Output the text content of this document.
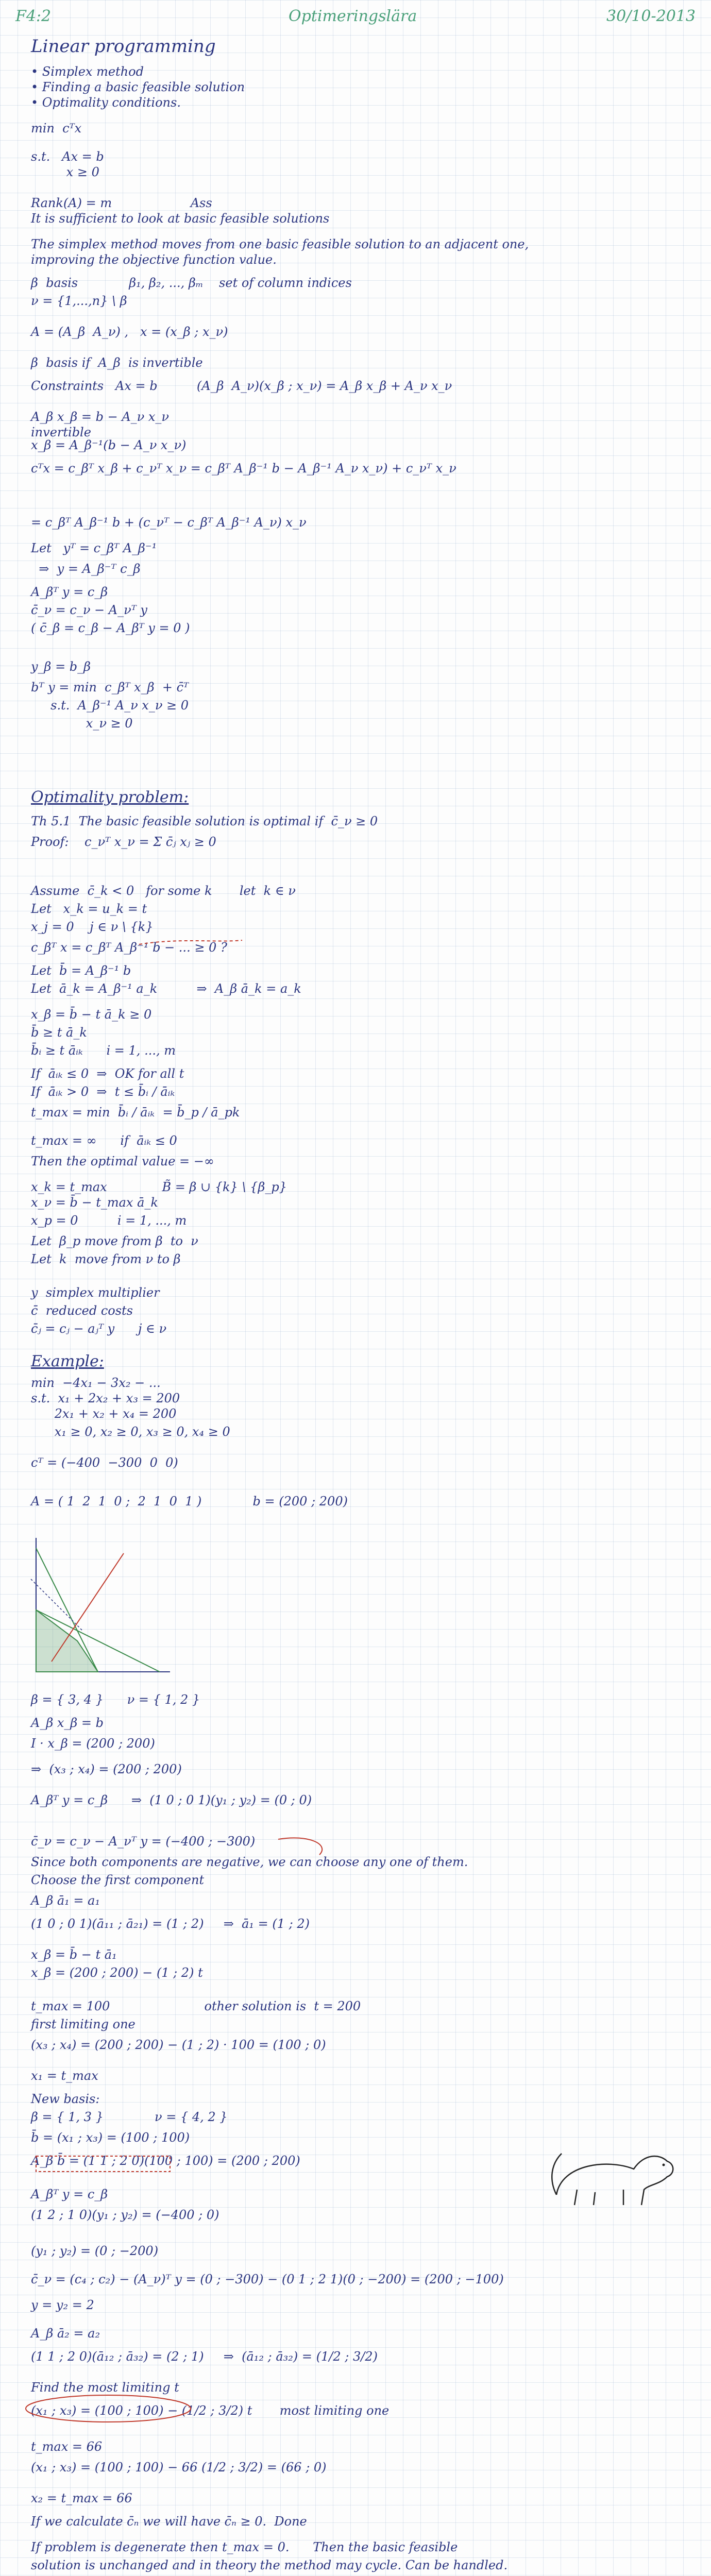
F4:2	Optimeringslära	30/10-2013
Linear programming
• Simplex method
• Finding a basic feasible solution
• Optimality conditions.
min  cᵀx
s.t.   Ax = b
x ≥ 0
Rank(A) = m                    Ass
It is sufficient to look at basic feasible solutions
The simplex method moves from one basic feasible solution to an adjacent one,
improving the objective function value.
β  basis             β₁, β₂, ..., βₘ    set of column indices
ν = {1,...,n} \ β
A = (A_β  A_ν) ,   x = (x_β ; x_ν)
β  basis if  A_β  is invertible
Constraints   Ax = b          (A_β  A_ν)(x_β ; x_ν) = A_β x_β + A_ν x_ν
A_β x_β = b − A_ν x_ν
invertible
x_β = A_β⁻¹(b − A_ν x_ν)
cᵀx = c_βᵀ x_β + c_νᵀ x_ν = c_βᵀ A_β⁻¹ b − A_β⁻¹ A_ν x_ν) + c_νᵀ x_ν
= c_βᵀ A_β⁻¹ b + (c_νᵀ − c_βᵀ A_β⁻¹ A_ν) x_ν
Let   yᵀ = c_βᵀ A_β⁻¹
⇒  y = A_β⁻ᵀ c_β
A_βᵀ y = c_β
c̄_ν = c_ν − A_νᵀ y
( c̄_β = c_β − A_βᵀ y = 0 )
y_β = b_β
bᵀ y = min  c_βᵀ x_β  + c̄ᵀ
s.t.  A_β⁻¹ A_ν x_ν ≥ 0
x_ν ≥ 0
Optimality problem:
Th 5.1  The basic feasible solution is optimal if  c̄_ν ≥ 0
Proof:    c_νᵀ x_ν = Σ c̄ⱼ xⱼ ≥ 0
Assume  c̄_k < 0   for some k       let  k ∈ ν
Let   x_k = u_k = t
x_j = 0    j ∈ ν \ {k}
c_βᵀ x = c_βᵀ A_β⁻¹ b − ... ≥ 0 ?
Let  b̄ = A_β⁻¹ b
Let  ā_k = A_β⁻¹ a_k          ⇒  A_β ā_k = a_k
x_β = b̄ − t ā_k ≥ 0
b̄ ≥ t ā_k
b̄ᵢ ≥ t āᵢₖ      i = 1, ..., m
If  āᵢₖ ≤ 0  ⇒  OK for all t
If  āᵢₖ > 0  ⇒  t ≤ b̄ᵢ / āᵢₖ
t_max = min  b̄ᵢ / āᵢₖ  = b̄_p / ā_pk
t_max = ∞      if  āᵢₖ ≤ 0
Then the optimal value = −∞
x_k = t_max              B̃ = β ∪ {k} \ {β_p}
x_ν = b̄ − t_max ā_k
x_p = 0          i = 1, ..., m
Let  β_p move from β  to  ν
Let  k  move from ν to β
y  simplex multiplier
c̄  reduced costs
c̄ⱼ = cⱼ − aⱼᵀ y      j ∈ ν
Example:
min  −4x₁ − 3x₂ − ...
s.t.  x₁ + 2x₂ + x₃ = 200
2x₁ + x₂ + x₄ = 200
x₁ ≥ 0, x₂ ≥ 0, x₃ ≥ 0, x₄ ≥ 0
cᵀ = (−400  −300  0  0)
A = ( 1  2  1  0 ;  2  1  0  1 )             b = (200 ; 200)
β = { 3, 4 }      ν = { 1, 2 }
A_β x_β = b
I · x_β = (200 ; 200)
⇒  (x₃ ; x₄) = (200 ; 200)
A_βᵀ y = c_β      ⇒  (1 0 ; 0 1)(y₁ ; y₂) = (0 ; 0)
c̄_ν = c_ν − A_νᵀ y = (−400 ; −300)
Since both components are negative, we can choose any one of them.
Choose the first component
A_β ā₁ = a₁
(1 0 ; 0 1)(ā₁₁ ; ā₂₁) = (1 ; 2)     ⇒  ā₁ = (1 ; 2)
x_β = b̄ − t ā₁
x_β = (200 ; 200) − (1 ; 2) t
t_max = 100                        other solution is  t = 200
first limiting one
(x₃ ; x₄) = (200 ; 200) − (1 ; 2) · 100 = (100 ; 0)
x₁ = t_max
New basis:
β = { 1, 3 }             ν = { 4, 2 }
b̄ = (x₁ ; x₃) = (100 ; 100)
A_β b̄ = (1 1 ; 2 0)(100 ; 100) = (200 ; 200)
A_βᵀ y = c_β
(1 2 ; 1 0)(y₁ ; y₂) = (−400 ; 0)
(y₁ ; y₂) = (0 ; −200)
c̄_ν = (c₄ ; c₂) − (A_ν)ᵀ y = (0 ; −300) − (0 1 ; 2 1)(0 ; −200) = (200 ; −100)
y = y₂ = 2
A_β ā₂ = a₂
(1 1 ; 2 0)(ā₁₂ ; ā₃₂) = (2 ; 1)     ⇒  (ā₁₂ ; ā₃₂) = (1/2 ; 3/2)
Find the most limiting t
(x₁ ; x₃) = (100 ; 100) − (1/2 ; 3/2) t       most limiting one
t_max = 66
(x₁ ; x₃) = (100 ; 100) − 66 (1/2 ; 3/2) = (66 ; 0)
x₂ = t_max = 66
If we calculate c̄ₙ we will have c̄ₙ ≥ 0.  Done
If problem is degenerate then t_max = 0.      Then the basic feasible
solution is unchanged and in theory the method may cycle. Can be handled.
